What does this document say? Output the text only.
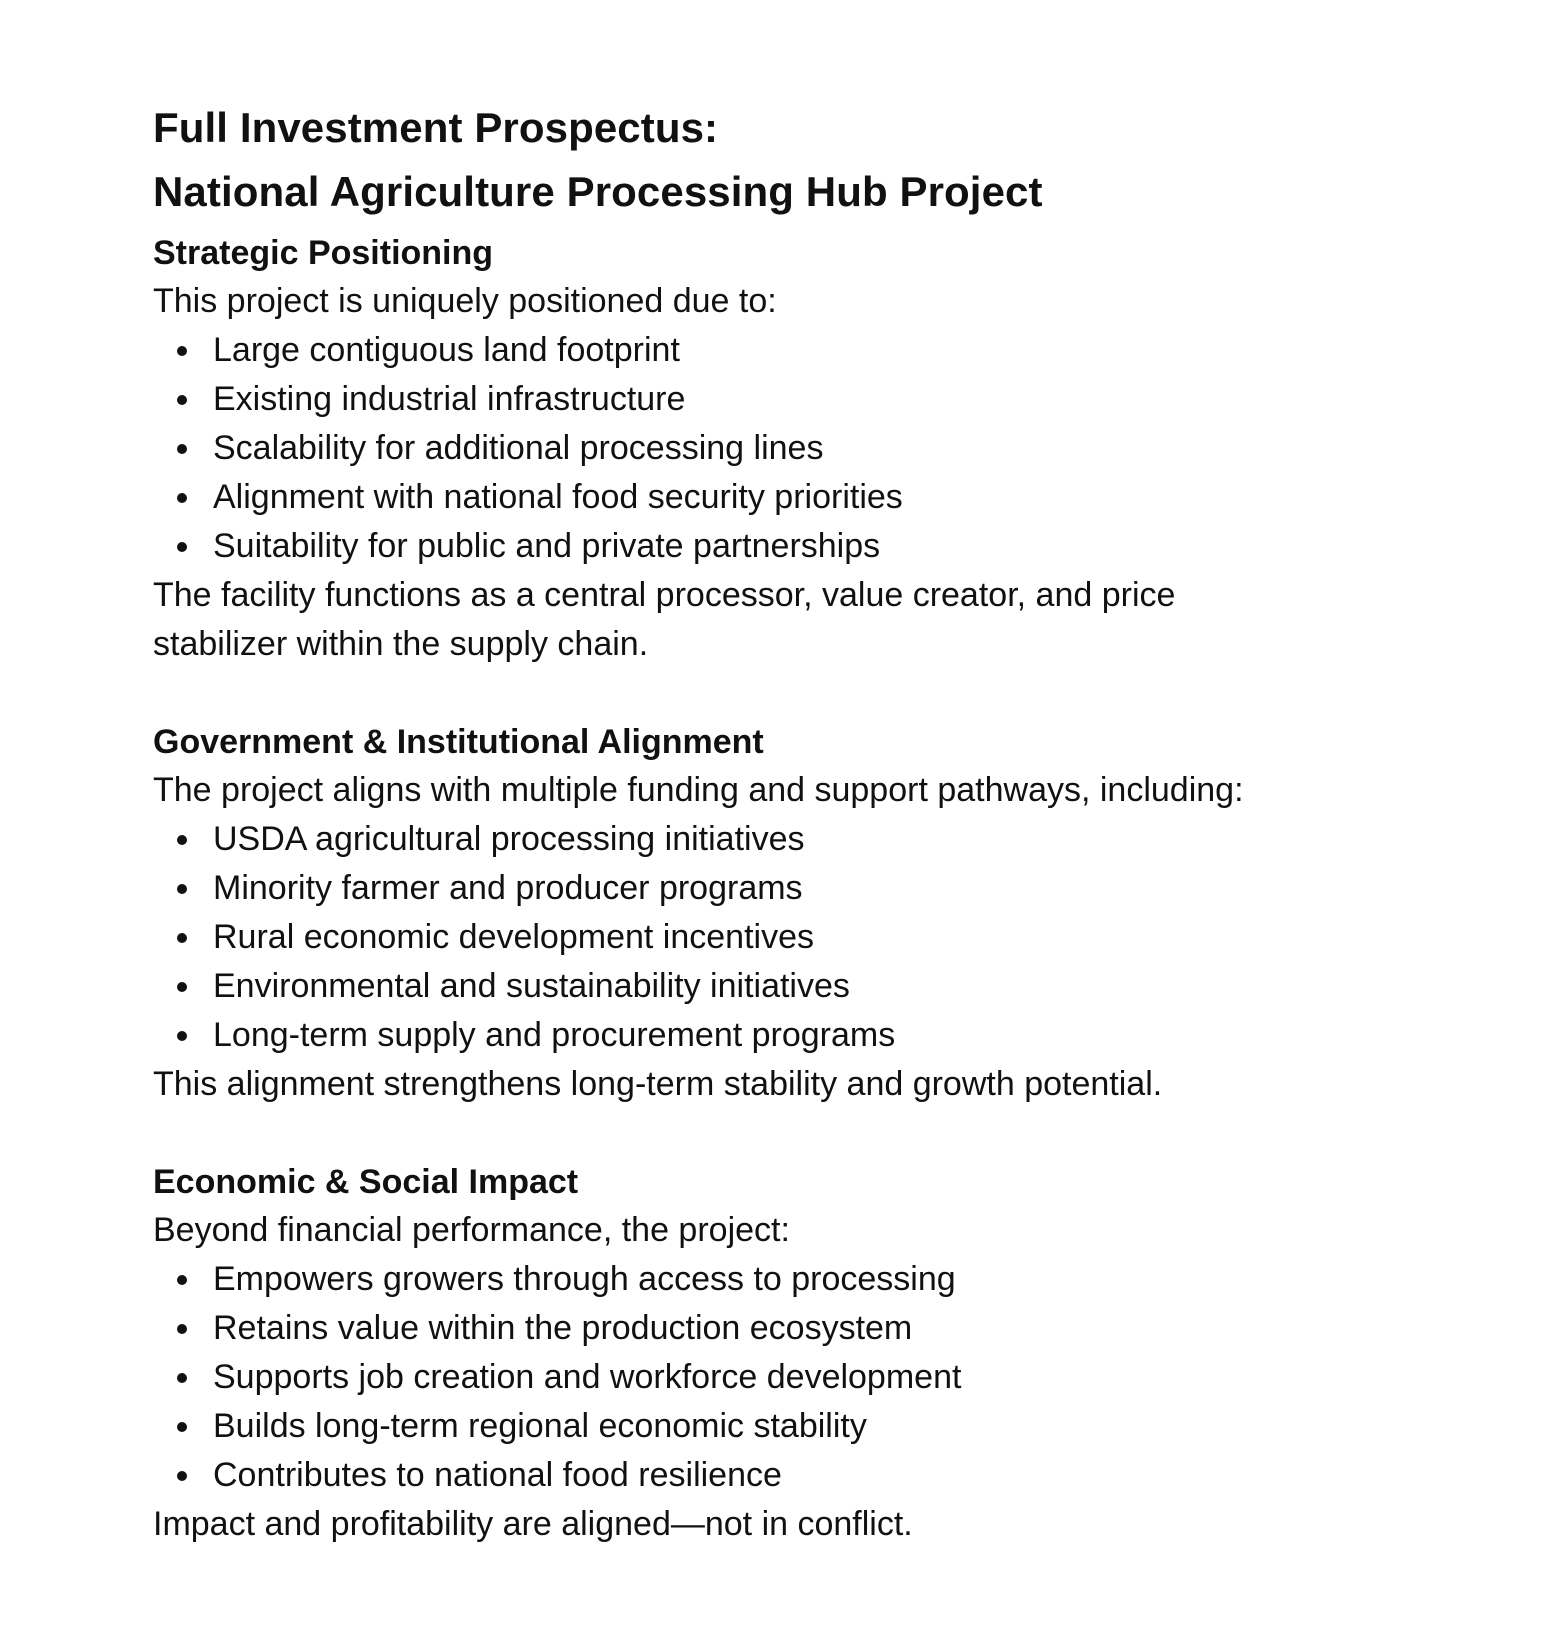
Full Investment Prospectus:
National Agriculture Processing Hub Project
Strategic Positioning

This project is uniquely positioned due to:

Large contiguous land footprint
Existing industrial infrastructure
Scalability for additional processing lines
Alignment with national food security priorities
Suitability for public and private partnerships

The facility functions as a central processor, value creator, and price stabilizer within the supply chain.

Government & Institutional Alignment

The project aligns with multiple funding and support pathways, including:

USDA agricultural processing initiatives
Minority farmer and producer programs
Rural economic development incentives
Environmental and sustainability initiatives
Long-term supply and procurement programs

This alignment strengthens long-term stability and growth potential.

Economic & Social Impact

Beyond financial performance, the project:

Empowers growers through access to processing
Retains value within the production ecosystem
Supports job creation and workforce development
Builds long-term regional economic stability
Contributes to national food resilience

Impact and profitability are aligned—not in conflict.
